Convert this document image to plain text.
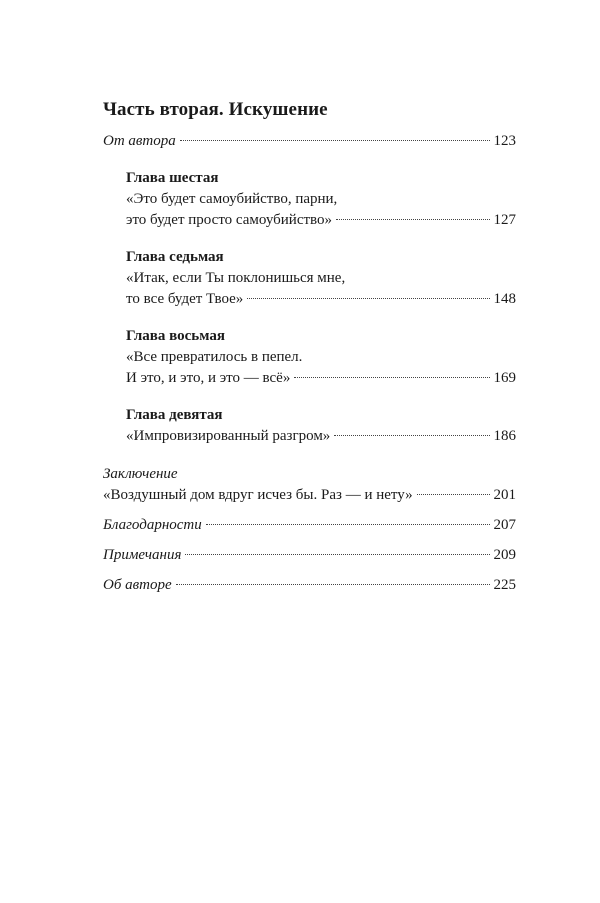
Часть вторая. Искушение
От автора	123
Глава шестая
«Это будет самоубийство, парни,
это будет просто самоубийство»	127
Глава седьмая
«Итак, если Ты поклонишься мне,
то все будет Твое»	148
Глава восьмая
«Все превратилось в пепел.
И это, и это, и это — всё»	169
Глава девятая
«Импровизированный разгром»	186
Заключение
«Воздушный дом вдруг исчез бы. Раз — и нету»	201
Благодарности	207
Примечания	209
Об авторе	225
